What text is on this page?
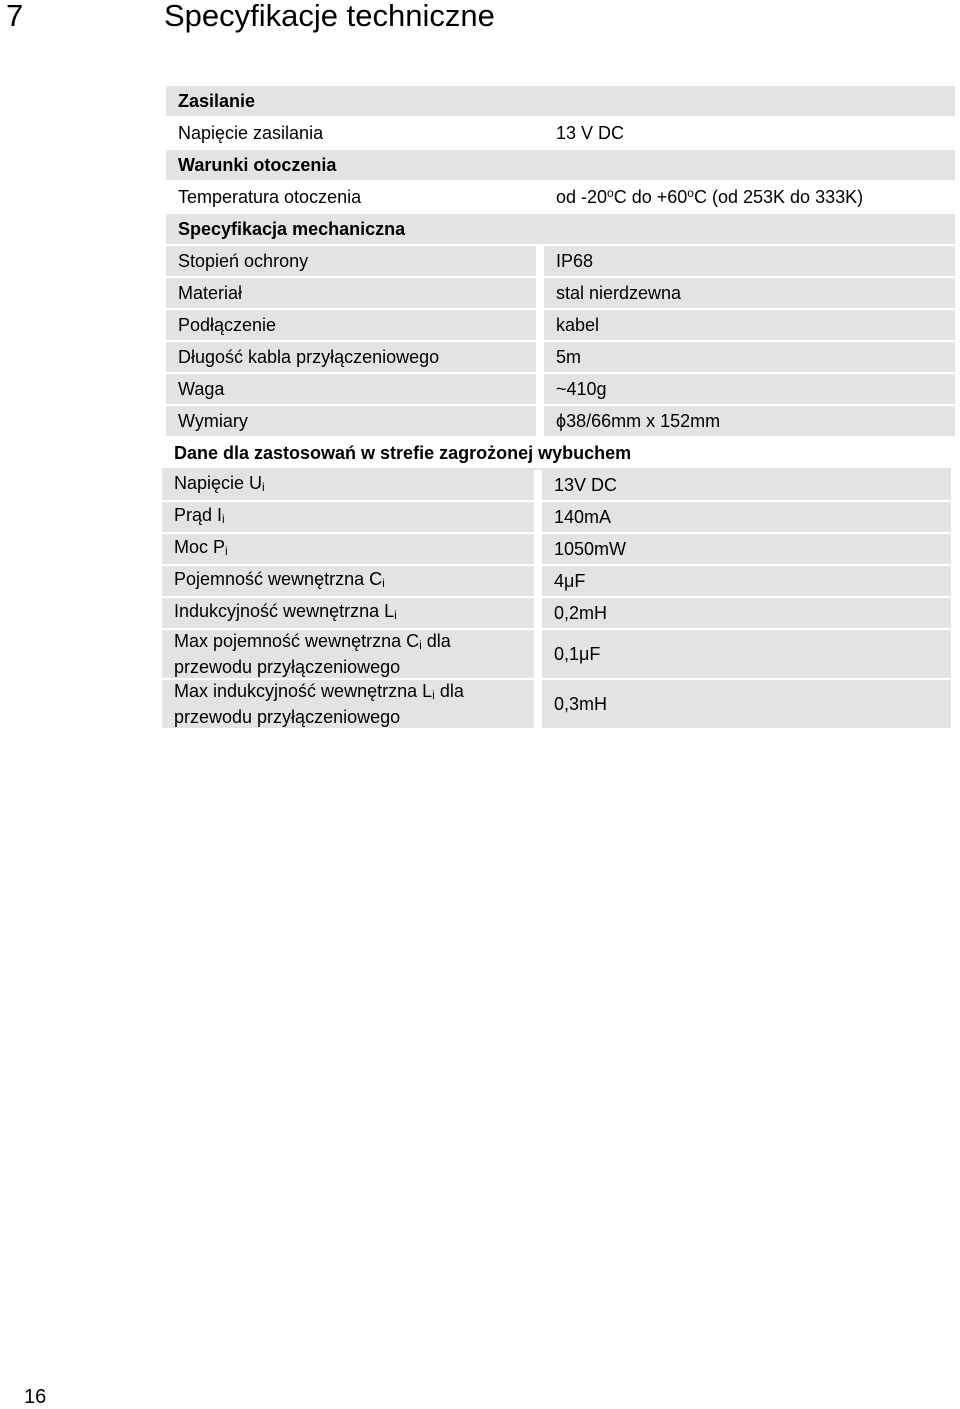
7	Specyfikacje techniczne
Zasilanie	
Napięcie zasilania	13 V DC
Warunki otoczenia	
Temperatura otoczenia	od -20$^o$C do $+60^oC$ (od 253K do 333K)
Specyfikacja mechaniczna	
Stopień ochrony	IP68
Materiał	stal nierdzewna
Podłączenie	kabel
Długość kabla przyłączeniowego	5m
Waga	~410g
Wymiary	ϕ38/66mm x 152mm
Dane dla zastosowań w strefie zagrożonej wybuchem	
Napięcie $U_i$	13V DC
Prąd $I_i$	140mA
Moc $P_i$	1050mW
Pojemność wewnętrzna $C_i$	4μF
Indukcyjność wewnętrzna $L_i$	0,2mH
Max pojemność wewnętrzna $C_i$ dla
przewodu przyłączeniowego	0,1μF
Max indukcyjność wewnętrzna $L_i$ dla
przewodu przyłączeniowego	0,3mH
16
